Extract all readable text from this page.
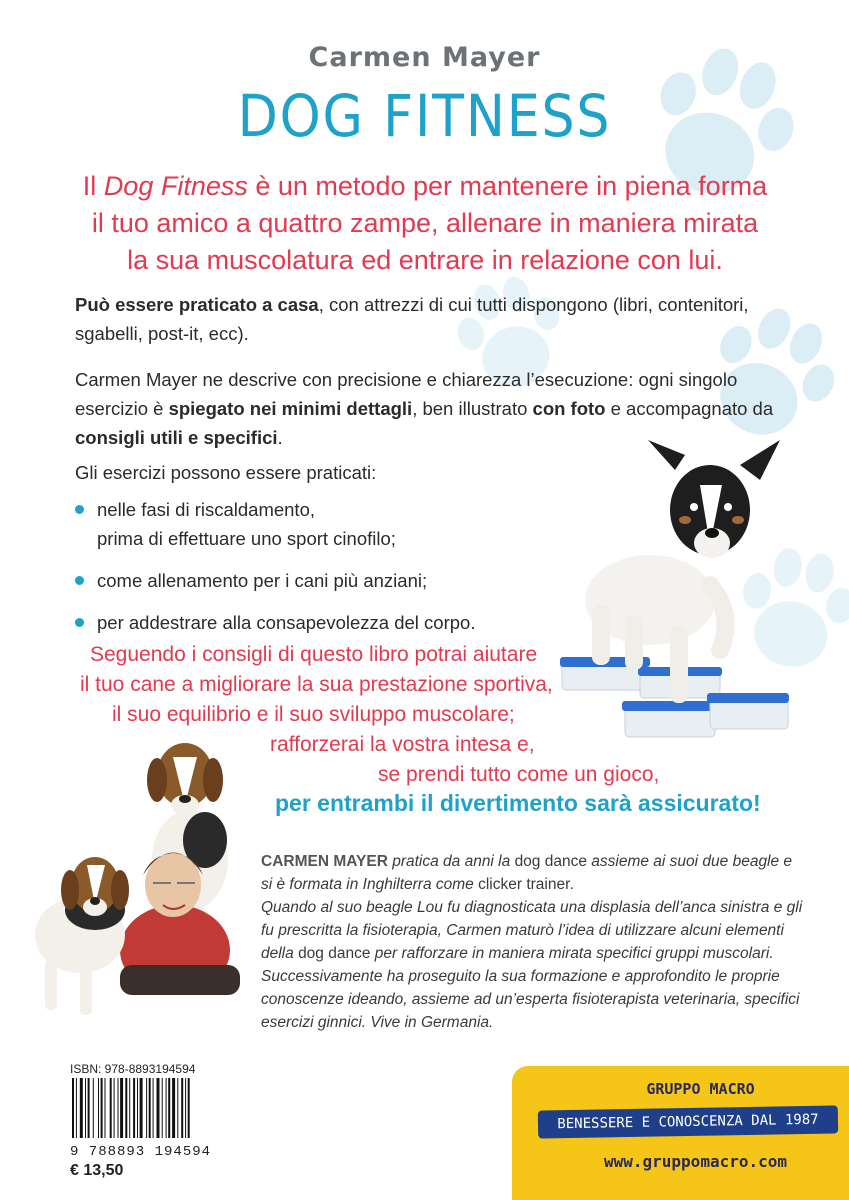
Carmen Mayer
DOG FITNESS

Il Dog Fitness è un metodo per mantenere in piena forma

il tuo amico a quattro zampe, allenare in maniera mirata

la sua muscolatura ed entrare in relazione con lui.

Può essere praticato a casa, con attrezzi di cui tutti dispongono (libri, contenitori, sgabelli, post-it, ecc).

Carmen Mayer ne descrive con precisione e chiarezza l’esecuzione: ogni singolo esercizio è spiegato nei minimi dettagli, ben illustrato con foto e accompagnato da consigli utili e specifici.

Gli esercizi possono essere praticati:

nelle fasi di riscaldamento,
prima di effettuare uno sport cinofilo;
come allenamento per i cani più anziani;
per addestrare alla consapevolezza del corpo.
Seguendo i consigli di questo libro potrai aiutare
il tuo cane a migliorare la sua prestazione sportiva,
il suo equilibrio e il suo sviluppo muscolare;
rafforzerai la vostra intesa e,
se prendi tutto come un gioco,
per entrambi il divertimento sarà assicurato!

CARMEN MAYER pratica da anni la dog dance assieme ai suoi due beagle e si è formata in Inghilterra come clicker trainer.

Quando al suo beagle Lou fu diagnosticata una displasia dell’anca sinistra e gli fu prescritta la fisioterapia, Carmen maturò l’idea di utilizzare alcuni elementi della dog dance per rafforzare in maniera mirata specifici gruppi muscolari. Successivamente ha proseguito la sua formazione e approfondito le proprie conoscenze ideando, assieme ad un’esperta fisioterapista veterinaria, specifici esercizi ginnici. Vive in Germania.

ISBN: 978-8893194594
9 788893 194594
€ 13,50
GRUPPO MACRO
BENESSERE E CONOSCENZA DAL 1987
www.gruppomacro.com
